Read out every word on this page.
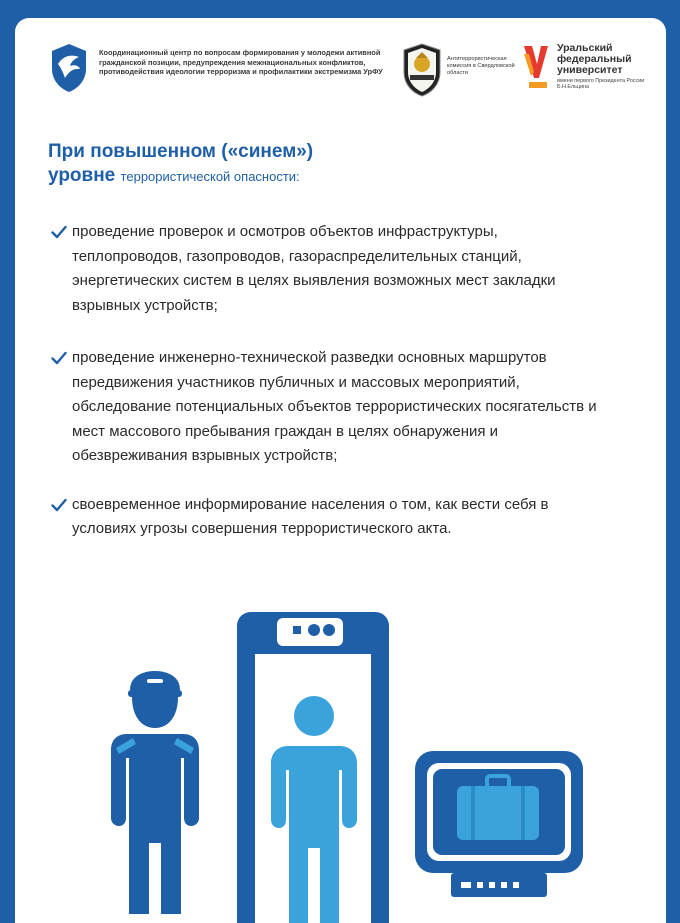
Координационный центр по вопросам формирования у молодежи активной гражданской позиции, предупреждения межнациональных конфликтов, противодействия идеологии терроризма и профилактики экстремизма УрФУ
Антитеррористическая комиссия в Свердловской области
Уральский федеральный университет
имени первого Президента России Б.Н.Ельцина
При повышенном («синем»)
уровне террористической опасности:
проведение проверок и осмотров объектов инфраструктуры, теплопроводов, газопроводов, газораспределительных станций, энергетических систем в целях выявления возможных мест закладки взрывных устройств;
проведение инженерно-технической разведки основных маршрутов передвижения участников публичных и массовых мероприятий, обследование потенциальных объектов террористических посягательств и мест массового пребывания граждан в целях обнаружения и обезвреживания взрывных устройств;
своевременное информирование населения о том, как вести себя в условиях угрозы совершения террористического акта.
